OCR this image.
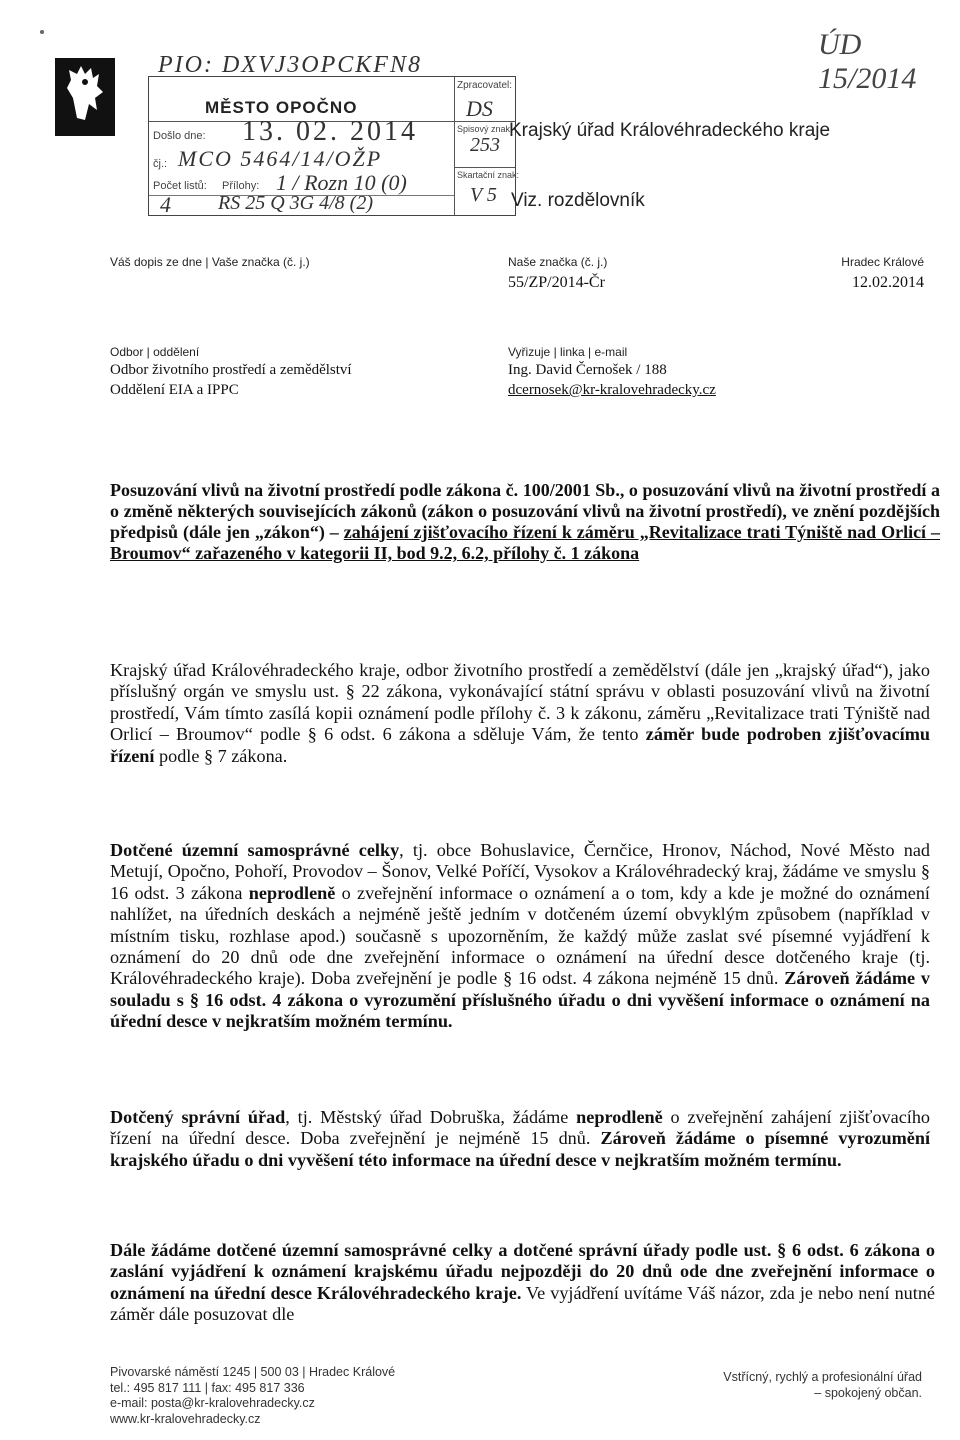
ÚD 15/2014
PIO: DXVJ3OPCKFN8
MĚSTO OPOČNO
Došlo dne: 13. 02. 2014
čj.: MCO 5464/14/OŽP
Počet listů: Přílohy: 1 / Rozn 10 (0)
4 RS 25 Q 3G 4/8 (2)
Zpracovatel:
DS
Spisový znak:
253
Skartační znak:
V 5
Krajský úřad Královéhradeckého kraje
Viz. rozdělovník
Váš dopis ze dne | Vaše značka (č. j.)	Naše značka (č. j.)
55/ZP/2014-Čr
Hradec Králové
12.02.2014
Odbor | oddělení
Odbor životního prostředí a zemědělství
Oddělení EIA a IPPC
Vyřizuje | linka | e-mail
Ing. David Černošek / 188
dcernosek@kr-kralovehradecky.cz

Posuzování vlivů na životní prostředí podle zákona č. 100/2001 Sb., o posuzování vlivů na životní prostředí a o změně některých souvisejících zákonů (zákon o posuzování vlivů na životní prostředí), ve znění pozdějších předpisů (dále jen „zákon“) – zahájení zjišťovacího řízení k záměru „Revitalizace trati Týniště nad Orlicí – Broumov“ zařazeného v kategorii II, bod 9.2, 6.2, přílohy č. 1 zákona

Krajský úřad Královéhradeckého kraje, odbor životního prostředí a zemědělství (dále jen „krajský úřad“), jako příslušný orgán ve smyslu ust. § 22 zákona, vykonávající státní správu v oblasti posuzování vlivů na životní prostředí, Vám tímto zasílá kopii oznámení podle přílohy č. 3 k zákonu, záměru „Revitalizace trati Týniště nad Orlicí – Broumov“ podle § 6 odst. 6 zákona a sděluje Vám, že tento záměr bude podroben zjišťovacímu řízení podle § 7 zákona.

Dotčené územní samosprávné celky, tj. obce Bohuslavice, Černčice, Hronov, Náchod, Nové Město nad Metují, Opočno, Pohoří, Provodov – Šonov, Velké Poříčí, Vysokov a Královéhradecký kraj, žádáme ve smyslu § 16 odst. 3 zákona neprodleně o zveřejnění informace o oznámení a o tom, kdy a kde je možné do oznámení nahlížet, na úředních deskách a nejméně ještě jedním v dotčeném území obvyklým způsobem (například v místním tisku, rozhlase apod.) současně s upozorněním, že každý může zaslat své písemné vyjádření k oznámení do 20 dnů ode dne zveřejnění informace o oznámení na úřední desce dotčeného kraje (tj. Královéhradeckého kraje). Doba zveřejnění je podle § 16 odst. 4 zákona nejméně 15 dnů. Zároveň žádáme v souladu s § 16 odst. 4 zákona o vyrozumění příslušného úřadu o dni vyvěšení informace o oznámení na úřední desce v nejkratším možném termínu.

Dotčený správní úřad, tj. Městský úřad Dobruška, žádáme neprodleně o zveřejnění zahájení zjišťovacího řízení na úřední desce. Doba zveřejnění je nejméně 15 dnů. Zároveň žádáme o písemné vyrozumění krajského úřadu o dni vyvěšení této informace na úřední desce v nejkratším možném termínu.

Dále žádáme dotčené územní samosprávné celky a dotčené správní úřady podle ust. § 6 odst. 6 zákona o zaslání vyjádření k oznámení krajskému úřadu nejpozději do 20 dnů ode dne zveřejnění informace o oznámení na úřední desce Královéhradeckého kraje. Ve vyjádření uvítáme Váš názor, zda je nebo není nutné záměr dále posuzovat dle

Pivovarské náměstí 1245 | 500 03 | Hradec Králové
tel.: 495 817 111 | fax: 495 817 336
e-mail: posta@kr-kralovehradecky.cz
www.kr-kralovehradecky.cz
Vstřícný, rychlý a profesionální úřad
– spokojený občan.
